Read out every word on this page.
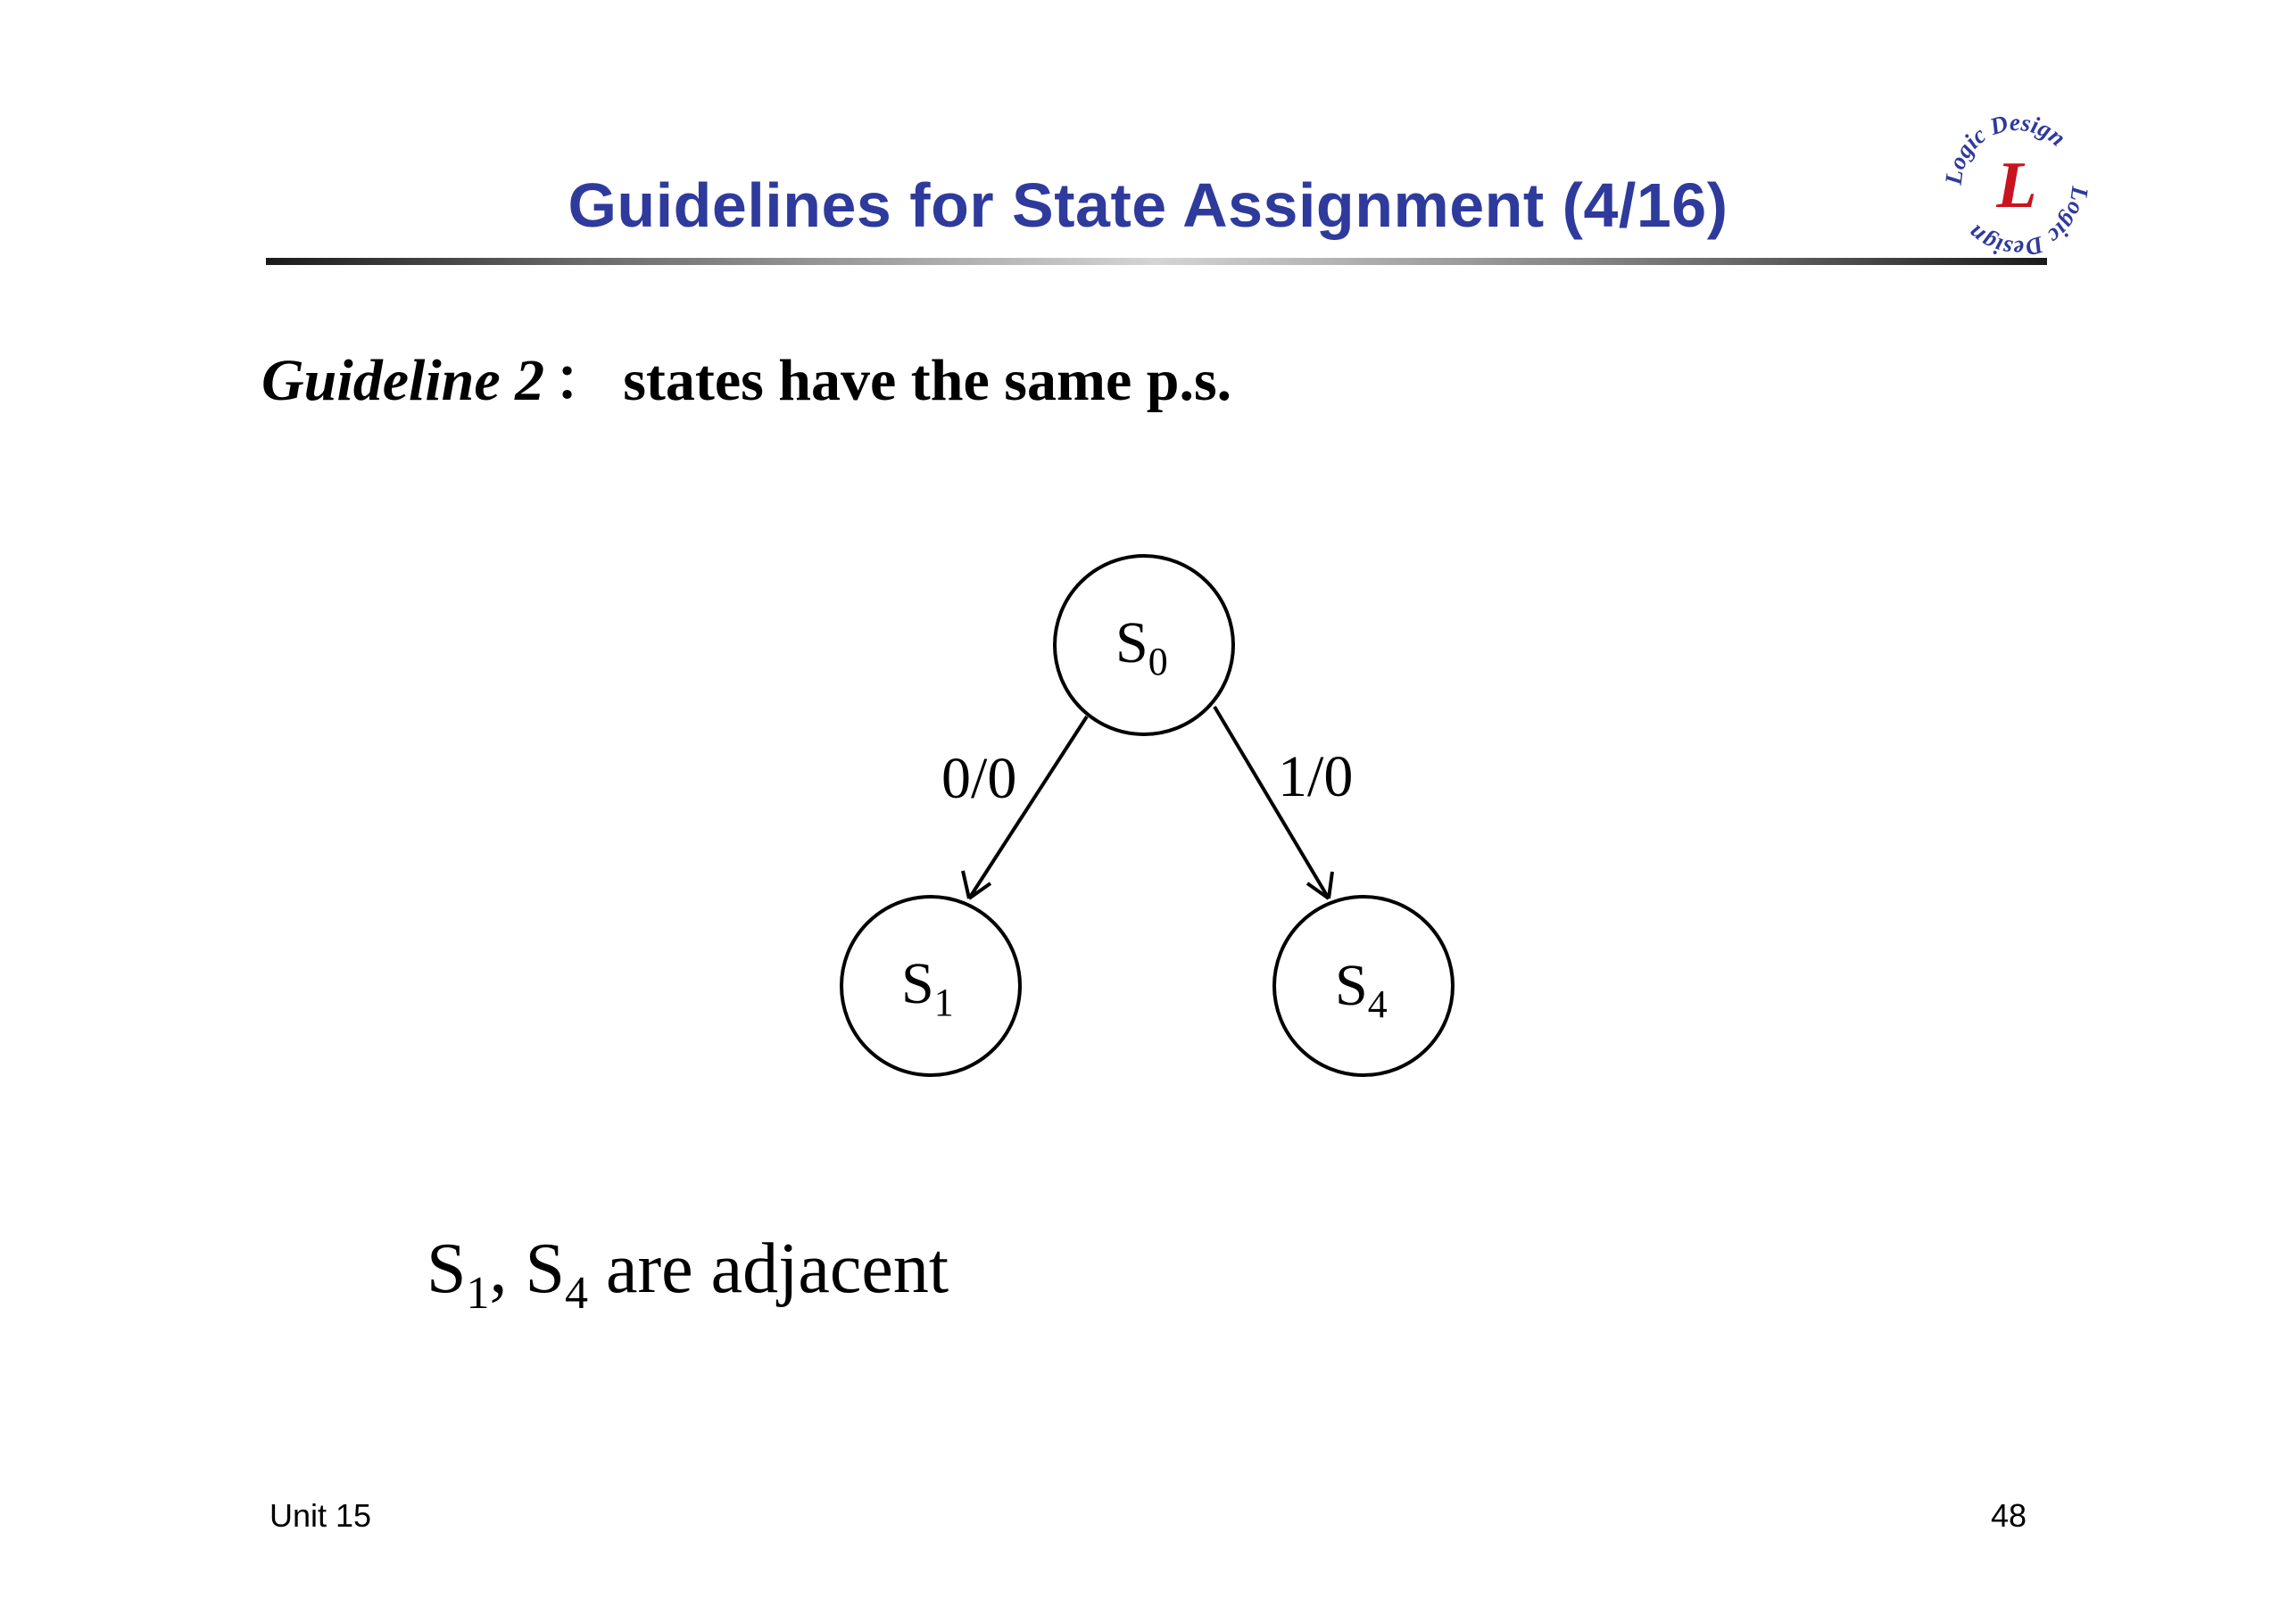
Guidelines for State Assignment (4/16)	Logic Design
Logic Design
L
Guideline 2 ： states have the same p.s.
$S_0$
$S_1$	$S_4$
0/0	1/0
$S_1$, $S_4$ are adjacent
Unit 15	48
